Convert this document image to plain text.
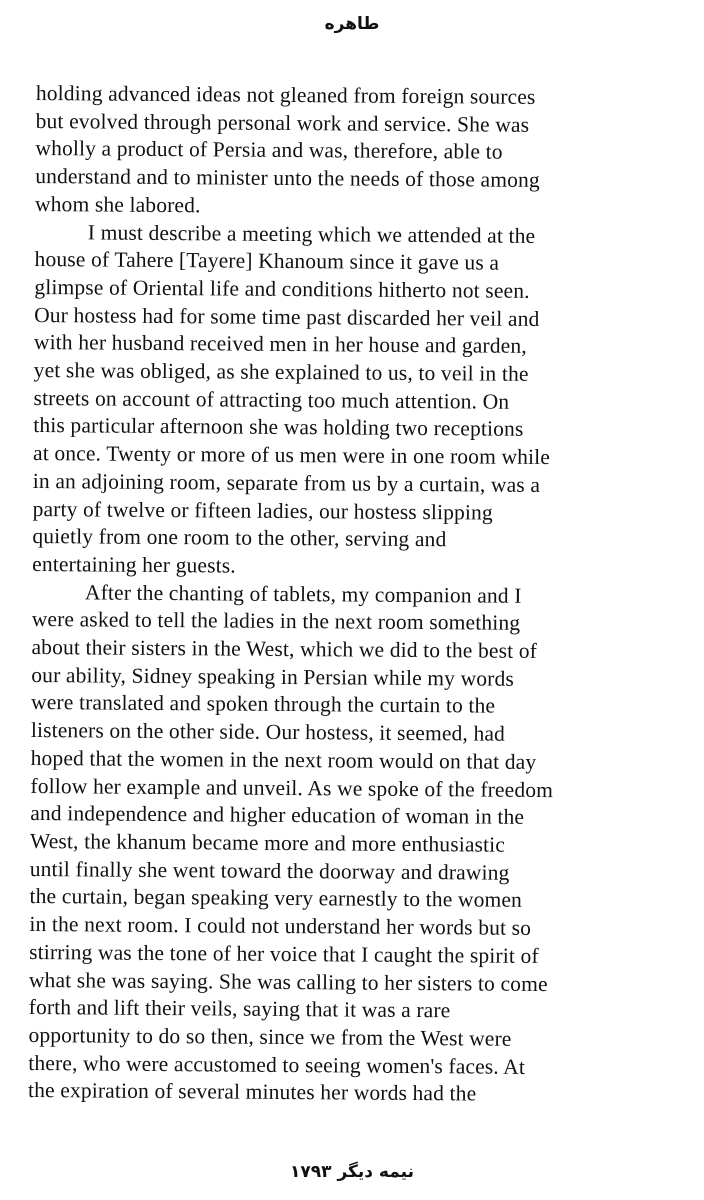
طاهره
holding advanced ideas not gleaned from foreign sources
but evolved through personal work and service. She was
wholly a product of Persia and was, therefore, able to
understand and to minister unto the needs of those among
whom she labored.
I must describe a meeting which we attended at the
house of Tahere [Tayere] Khanoum since it gave us a
glimpse of Oriental life and conditions hitherto not seen.
Our hostess had for some time past discarded her veil and
with her husband received men in her house and garden,
yet she was obliged, as she explained to us, to veil in the
streets on account of attracting too much attention. On
this particular afternoon she was holding two receptions
at once. Twenty or more of us men were in one room while
in an adjoining room, separate from us by a curtain, was a
party of twelve or fifteen ladies, our hostess slipping
quietly from one room to the other, serving and
entertaining her guests.
After the chanting of tablets, my companion and I
were asked to tell the ladies in the next room something
about their sisters in the West, which we did to the best of
our ability, Sidney speaking in Persian while my words
were translated and spoken through the curtain to the
listeners on the other side. Our hostess, it seemed, had
hoped that the women in the next room would on that day
follow her example and unveil. As we spoke of the freedom
and independence and higher education of woman in the
West, the khanum became more and more enthusiastic
until finally she went toward the doorway and drawing
the curtain, began speaking very earnestly to the women
in the next room. I could not understand her words but so
stirring was the tone of her voice that I caught the spirit of
what she was saying. She was calling to her sisters to come
forth and lift their veils, saying that it was a rare
opportunity to do so then, since we from the West were
there, who were accustomed to seeing women's faces. At
the expiration of several minutes her words had the
نیمه دیگر ۱۷۹۳
